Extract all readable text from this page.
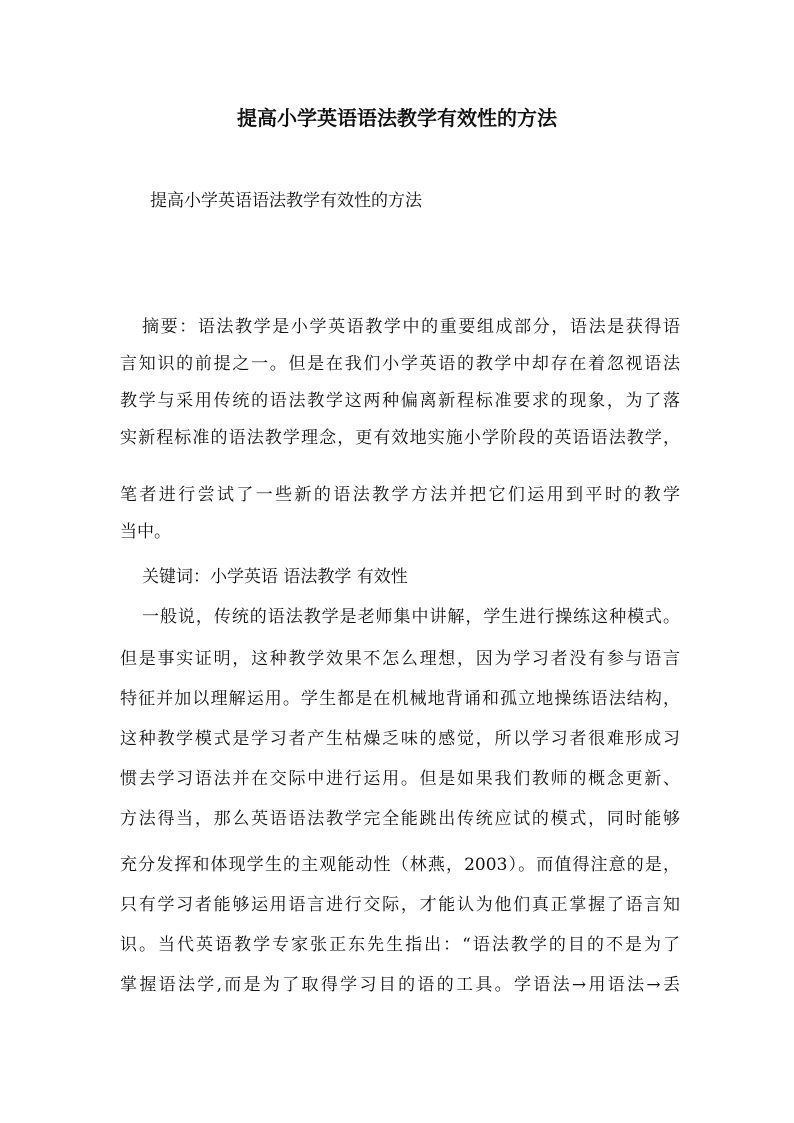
提高小学英语语法教学有效性的方法
提高小学英语语法教学有效性的方法
摘要：语法教学是小学英语教学中的重要组成部分，语法是获得语
言知识的前提之一。但是在我们小学英语的教学中却存在着忽视语法
教学与采用传统的语法教学这两种偏离新程标准要求的现象，为了落
实新程标准的语法教学理念，更有效地实施小学阶段的英语语法教学，
笔者进行尝试了一些新的语法教学方法并把它们运用到平时的教学
当中。
关键词：小学英语 语法教学 有效性
一般说，传统的语法教学是老师集中讲解，学生进行操练这种模式。
但是事实证明，这种教学效果不怎么理想，因为学习者没有参与语言
特征并加以理解运用。学生都是在机械地背诵和孤立地操练语法结构，
这种教学模式是学习者产生枯燥乏味的感觉，所以学习者很难形成习
惯去学习语法并在交际中进行运用。但是如果我们教师的概念更新、
方法得当，那么英语语法教学完全能跳出传统应试的模式，同时能够
充分发挥和体现学生的主观能动性（林燕，2003）。而值得注意的是，
只有学习者能够运用语言进行交际，才能认为他们真正掌握了语言知
识。当代英语教学专家张正东先生指出：“语法教学的目的不是为了
掌握语法学,而是为了取得学习目的语的工具。学语法→用语法→丢
